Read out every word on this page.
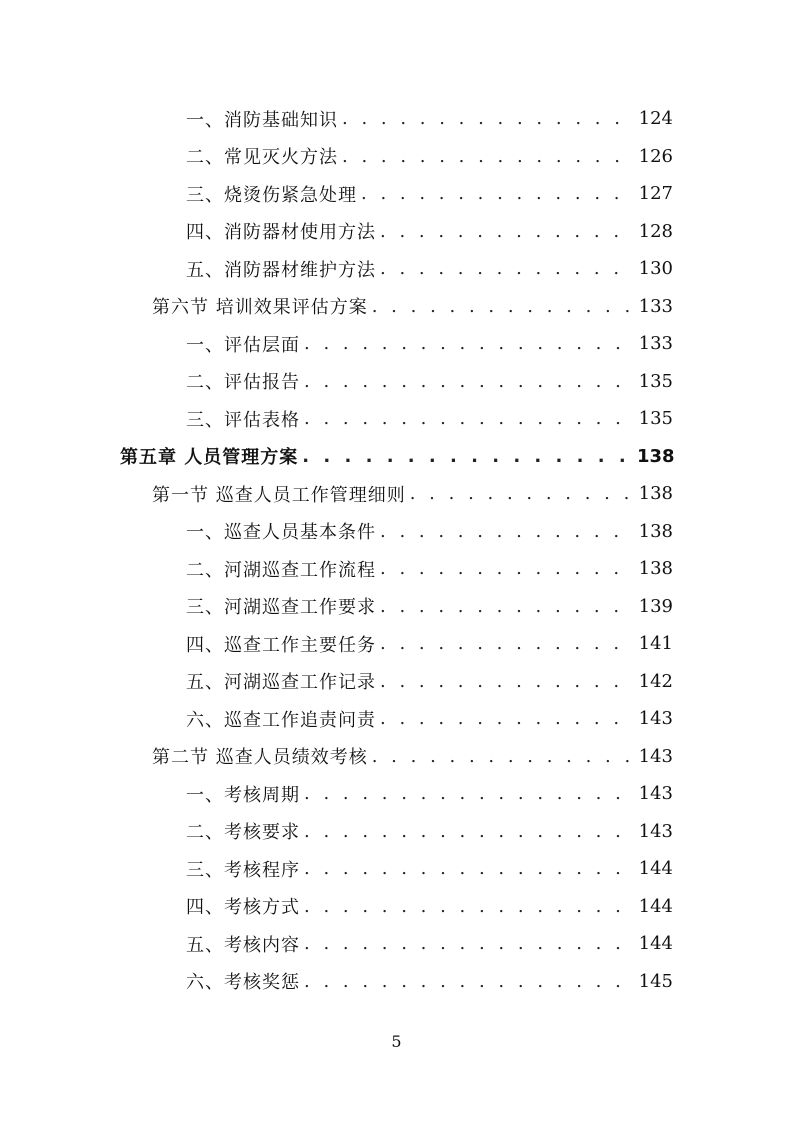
一、消防基础知识 . . .	124
二、常见灭火方法 . . .	126
三、烧烫伤紧急处理 . . .	127
四、消防器材使用方法 . . .	128
五、消防器材维护方法 . . .	130
第六节 培训效果评估方案 . . .	133
一、评估层面 . . .	133
二、评估报告 . . .	135
三、评估表格 . . .	135
第五章 人员管理方案 . . .	138
第一节 巡查人员工作管理细则 . . .	138
一、巡查人员基本条件 . . .	138
二、河湖巡查工作流程 . . .	138
三、河湖巡查工作要求 . . .	139
四、巡查工作主要任务 . . .	141
五、河湖巡查工作记录 . . .	142
六、巡查工作追责问责 . . .	143
第二节 巡查人员绩效考核 . . .	143
一、考核周期 . . .	143
二、考核要求 . . .	143
三、考核程序 . . .	144
四、考核方式 . . .	144
五、考核内容 . . .	144
六、考核奖惩 . . .	145
5
